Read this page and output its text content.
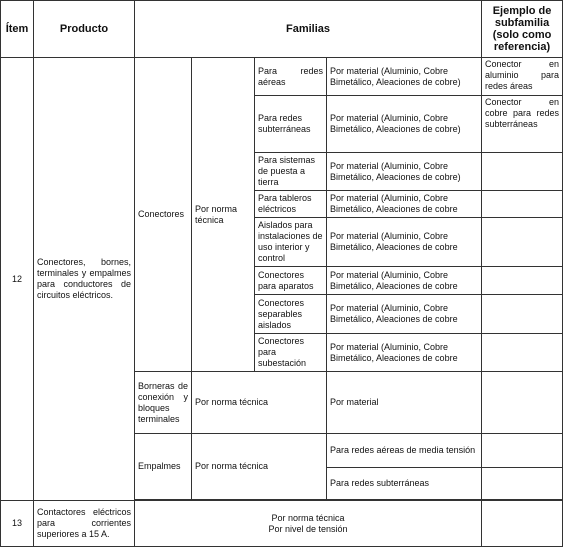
Ítem	Producto	Familias				Ejemplo de subfamilia (solo como referencia)
12	Conectores, bornes, terminales y empalmes para conductores de circuitos eléctricos.	Conectores	Por norma técnica	Para redes aéreas	Por material (Aluminio, Cobre Bimetálico, Aleaciones de cobre)	Conector en aluminio para redes áreas
				Para redes subterráneas	Por material (Aluminio, Cobre Bimetálico, Aleaciones de cobre)	Conector en cobre para redes subterráneas
				Para sistemas de puesta a tierra	Por material (Aluminio, Cobre Bimetálico, Aleaciones de cobre)	
				Para tableros eléctricos	Por material (Aluminio, Cobre Bimetálico, Aleaciones de cobre	
				Aislados para instalaciones de uso interior y control	Por material (Aluminio, Cobre Bimetálico, Aleaciones de cobre	
				Conectores para aparatos	Por material (Aluminio, Cobre Bimetálico, Aleaciones de cobre	
				Conectores separables aislados	Por material (Aluminio, Cobre Bimetálico, Aleaciones de cobre	
				Conectores para subestación	Por material (Aluminio, Cobre Bimetálico, Aleaciones de cobre	
		Borneras de conexión y bloques terminales	Por norma técnica		Por material	
		Empalmes	Por norma técnica		Para redes aéreas de media tensión	
					Para redes subterráneas	

13	Contactores eléctricos para corrientes superiores a 15 A.	Por norma técnica
Por nivel de tensión				
